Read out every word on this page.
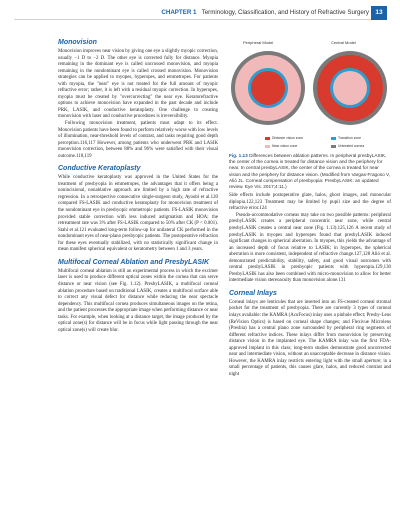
CHAPTER 1 Terminology, Classification, and History of Refractive Surgery 13
Monovision

Monovision improves near vision by giving one eye a slightly myopic correction, usually −1 D to −2 D. The other eye is corrected fully for distance. Myopia remaining in the dominant eye is called uncrossed monovision, and myopia remaining in the nondominant eye is called crossed monovision. Monovision strategies can be applied to myopes, hyperopes, and emmetropes. For patients with myopia, the "near" eye is not treated for the full amount of myopic refractive error; rather, it is left with a residual myopic correction. In hyperopes, myopia must be created by "overcorrecting" the near eye. Keratorefractive options to achieve monovision have expanded in the past decade and include PRK, LASIK, and conductive keratoplasty. One challenge to creating monovision with laser and conductive procedures is irreversibility.

Following monovision treatment, patients must adapt to its effect. Monovision patients have been found to perform relatively worse with low levels of illumination, near-threshold levels of contrast, and tasks requiring good depth perception.116,117 However, among patients who underwent PRK and LASIK monovision correction, between 88% and 96% were satisfied with their visual outcome.118,119

Conductive Keratoplasty

While conductive keratoplasty was approved in the United States for the treatment of presbyopia in emmetropes, the advantages that it offers being a nonincisional, nonablative approach are limited by a high rate of refractive regression. In a retrospective consecutive single-surgeon study, Ayoubi et al.120 compared FS-LASIK and conductive keratoplasty for monovision treatment of the nondominant eye in presbyopic emmetropic patients. FS-LASIK monovision provided stable correction with less induced astigmatism and HOA; the retreatment rate was 3% after FS-LASIK compared to 50% after CK (P < 0.001). Stahl et al.121 evaluated long-term follow-up for unilateral CK performed in the nondominant eyes of near-plano presbyopic patients. The postoperative refraction for these eyes eventually stabilized, with no statistically significant change in mean manifest spherical equivalent or keratometry between 1 and 3 years.

Multifocal Corneal Ablation and PresbyLASIK

Multifocal corneal ablation is still an experimental process in which the excimer laser is used to produce different optical zones within the cornea that can serve distance or near vision (see Fig. 1.12). PresbyLASIK, a multifocal corneal ablation procedure based on traditional LASIK, creates a multifocal surface able to correct any visual defect for distance while reducing the near spectacle dependency. This multifocal cornea produces simultaneous images on the retina, and the patient processes the appropriate image when performing distance or near tasks. For example, when looking at a distance target, the image produced by the optical zone(s) for distance will be in focus while light passing through the near optical zone(s) will create blur.

Peripheral Model	Central Model
Distance vision zone	Transition zone
Near vision zone	Untreated cornea
Fig. 1.13 Differences between ablation patterns. In peripheral presbyLASIK, the center of the cornea is treated for distance vision and the periphery for near. In central presbyLASIK, the center of the cornea is treated for near vision and the periphery for distance vision. (Modified from Vargas-Fragoso V, Alió JL. Corneal compensation of presbyopia: PresbyLASIK: an updated review. Eye Vis. 2017;4:11.)

Side effects include postoperative glare, halos, ghost images, and monocular diplopia.122,123 Treatment may be limited by pupil size and the degree of refractive error.124

Pseudo-accommodative corneas may take on two possible patterns: peripheral presbyLASIK creates a peripheral concentric near zone, while central presbyLASIK creates a central near zone (Fig. 1.13).125,126 A recent study of presbyLASIK in myopes and hyperopes found that presbyLASIK induced significant changes in spherical aberration. In myopes, this yields the advantage of an increased depth of focus relative to LASIK; in hyperopes, the spherical aberration is more consistent, independent of refractive change.127,128 Alió et al. demonstrated predictability, stability, safety, and good visual outcomes with central presbyLASIK in presbyopic patients with hyperopia.129,130 PresbyLASIK has also been combined with micro-monovision to allow for better intermediate vision stereoacuity than monovision alone.131

Corneal Inlays

Corneal inlays are lenticules that are inserted into an FS-created corneal stromal pocket for the treatment of presbyopia. There are currently 3 types of corneal inlays available: the KAMRA (AcuFocus) inlay uses a pinhole effect; Presby-Lens (ReVision Optics) is based on corneal shape changes; and Flexivue Microlens (Presbia) has a central plano zone surrounded by peripheral ring segments of different refractive indices. These inlays differ from monovision by preserving distance vision in the implanted eye. The KAMRA inlay was the first FDA-approved implant in this class; long-term studies demonstrate good uncorrected near and intermediate vision, without an unacceptable decrease in distance vision. However, the KAMRA inlay restricts entering light with the small aperture; in a small percentage of patients, this causes glare, halos, and reduced contrast and night
